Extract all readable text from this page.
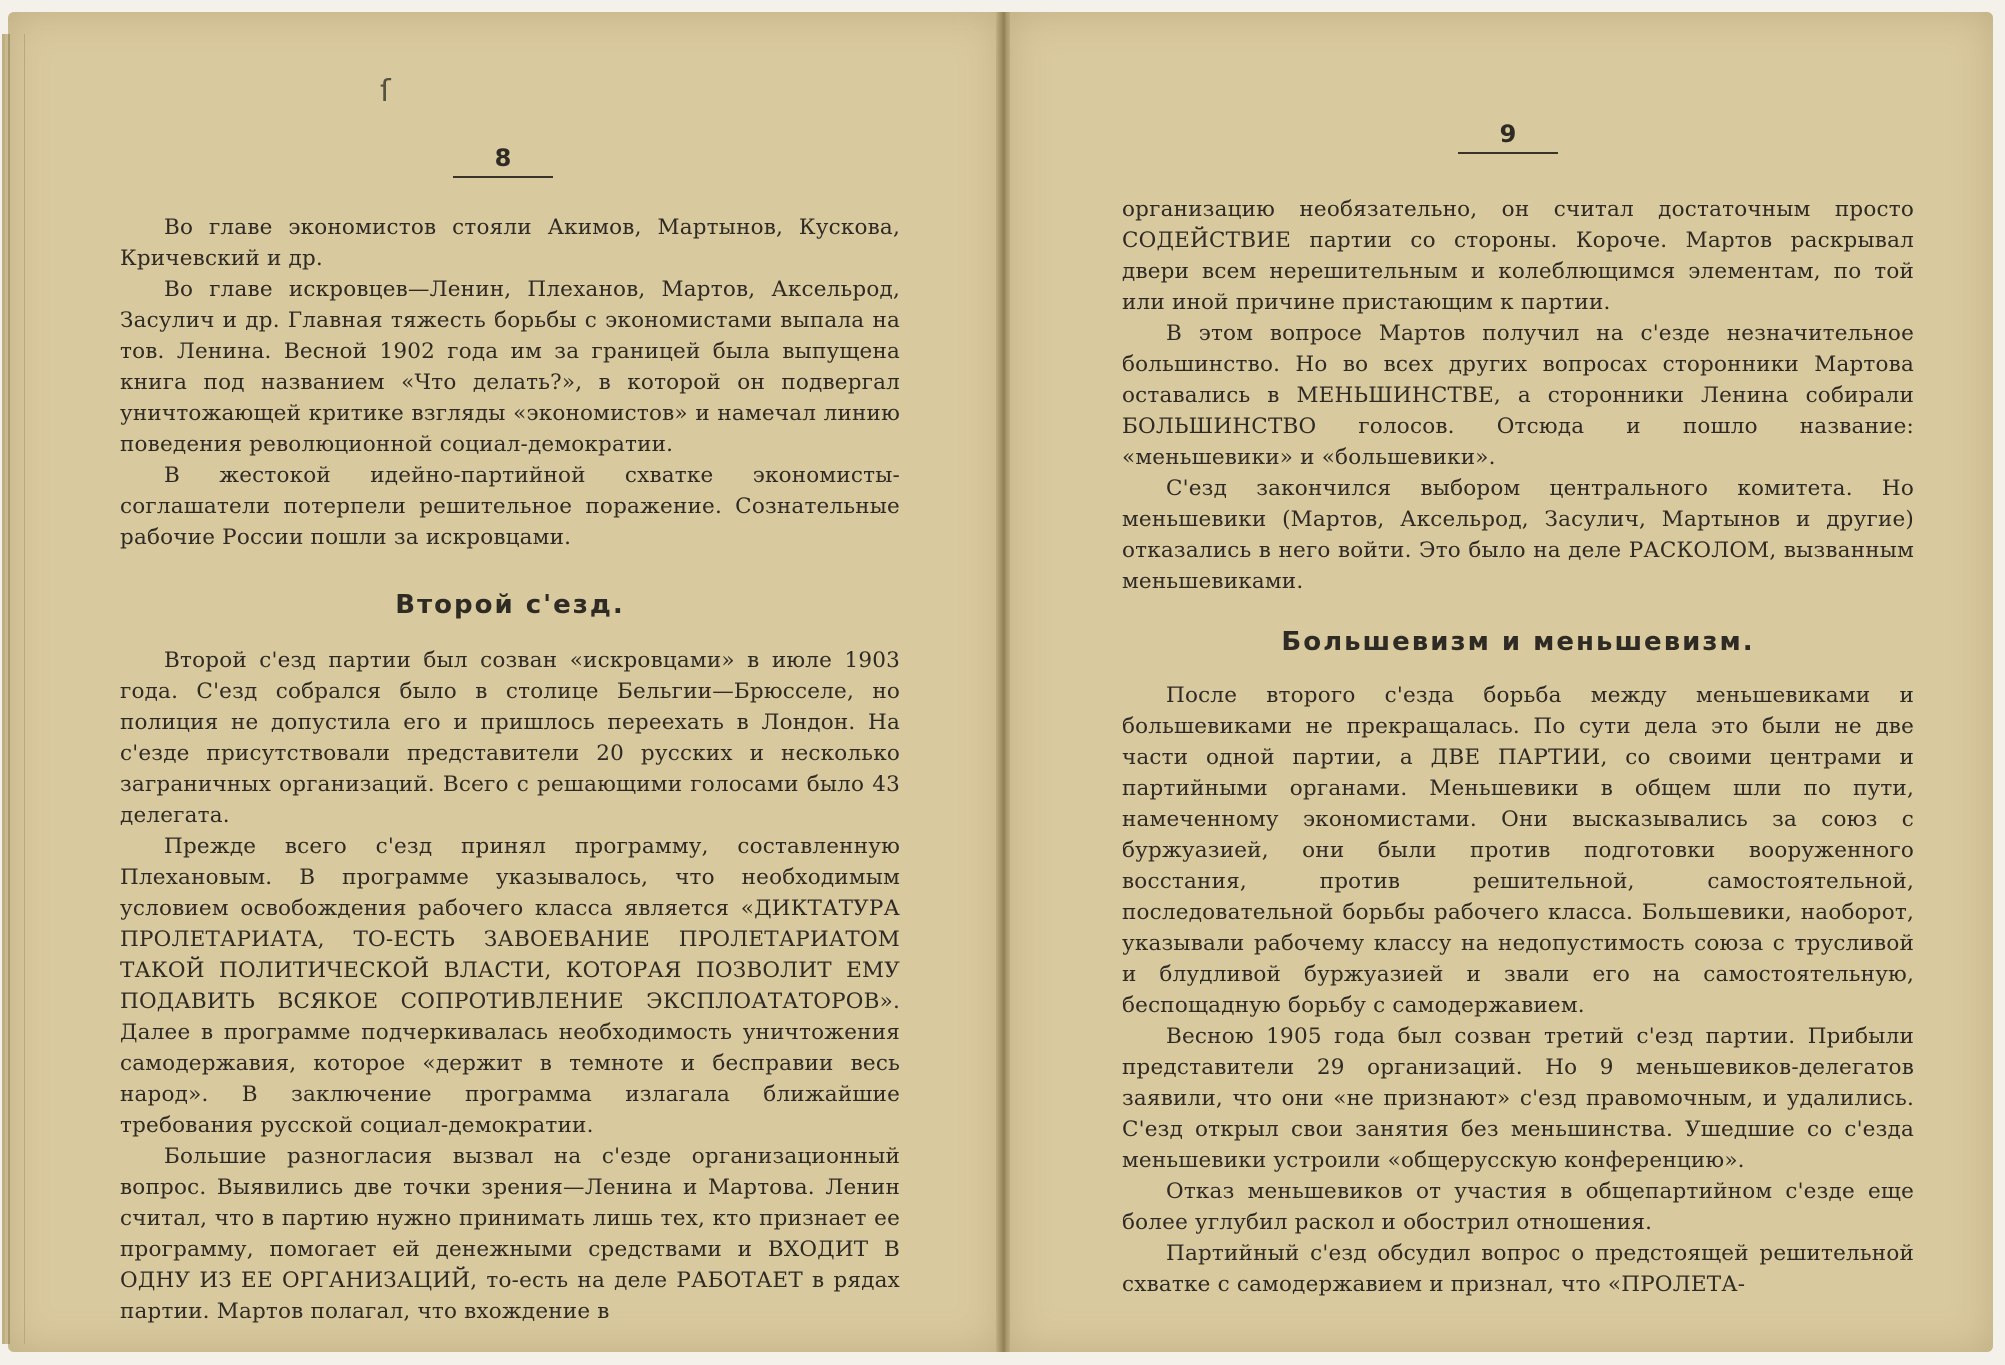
ſ
8

Во главе экономистов стояли Акимов, Мартынов, Кускова, Кричевский и др.

Во главе искровцев—Ленин, Плеханов, Мартов, Аксельрод, Засулич и др. Главная тяжесть борьбы с экономистами выпала на тов. Ленина. Весной 1902 года им за границей была выпущена книга под названием «Что делать?», в которой он подвергал уничтожающей критике взгляды «экономистов» и намечал линию поведения революционной социал-демократии.

В жестокой идейно-партийной схватке экономисты-соглашатели потерпели решительное поражение. Сознательные рабочие России пошли за искровцами.

Второй с'езд.

Второй с'езд партии был созван «искровцами» в июле 1903 года. С'езд собрался было в столице Бельгии—Брюсселе, но полиция не допустила его и пришлось переехать в Лондон. На с'езде присутствовали представители 20 русских и несколько заграничных организаций. Всего с решающими голосами было 43 делегата.

Прежде всего с'езд принял программу, составленную Плехановым. В программе указывалось, что необходимым условием освобождения рабочего класса является «ДИКТАТУРА ПРОЛЕТАРИАТА, ТО-ЕСТЬ ЗАВОЕВАНИЕ ПРОЛЕТАРИАТОМ ТАКОЙ ПОЛИТИЧЕСКОЙ ВЛАСТИ, КОТОРАЯ ПОЗВОЛИТ ЕМУ ПОДАВИТЬ ВСЯКОЕ СОПРОТИВЛЕНИЕ ЭКСПЛОАТАТОРОВ». Далее в программе подчеркивалась необходимость уничтожения самодержавия, которое «держит в темноте и бесправии весь народ». В заключение программа излагала ближайшие требования русской социал-демократии.

Большие разногласия вызвал на с'езде организационный вопрос. Выявились две точки зрения—Ленина и Мартова. Ленин считал, что в партию нужно принимать лишь тех, кто признает ее программу, помогает ей денежными средствами и ВХОДИТ В ОДНУ ИЗ ЕЕ ОРГАНИЗАЦИЙ, то-есть на деле РАБОТАЕТ в рядах партии. Мартов полагал, что вхождение в

9

организацию необязательно, он считал достаточным просто СОДЕЙСТВИЕ партии со стороны. Короче. Мартов раскрывал двери всем нерешительным и колеблющимся элементам, по той или иной причине пристающим к партии.

В этом вопросе Мартов получил на с'езде незначительное большинство. Но во всех других вопросах сторонники Мартова оставались в МЕНЬШИНСТВЕ, а сторонники Ленина собирали БОЛЬШИНСТВО голосов. Отсюда и пошло название: «меньшевики» и «большевики».

С'езд закончился выбором центрального комитета. Но меньшевики (Мартов, Аксельрод, Засулич, Мартынов и другие) отказались в него войти. Это было на деле РАСКОЛОМ, вызванным меньшевиками.

Большевизм и меньшевизм.

После второго с'езда борьба между меньшевиками и большевиками не прекращалась. По сути дела это были не две части одной партии, а ДВЕ ПАРТИИ, со своими центрами и партийными органами. Меньшевики в общем шли по пути, намеченному экономистами. Они высказывались за союз с буржуазией, они были против подготовки вооруженного восстания, против решительной, самостоятельной, последовательной борьбы рабочего класса. Большевики, наоборот, указывали рабочему классу на недопустимость союза с трусливой и блудливой буржуазией и звали его на самостоятельную, беспощадную борьбу с самодержавием.

Весною 1905 года был созван третий с'езд партии. Прибыли представители 29 организаций. Но 9 меньшевиков-делегатов заявили, что они «не признают» с'езд правомочным, и удалились. С'езд открыл свои занятия без меньшинства. Ушедшие со с'езда меньшевики устроили «общерусскую конференцию».

Отказ меньшевиков от участия в общепартийном с'езде еще более углубил раскол и обострил отношения.

Партийный с'езд обсудил вопрос о предстоящей решительной схватке с самодержавием и признал, что «ПРОЛЕТА-
